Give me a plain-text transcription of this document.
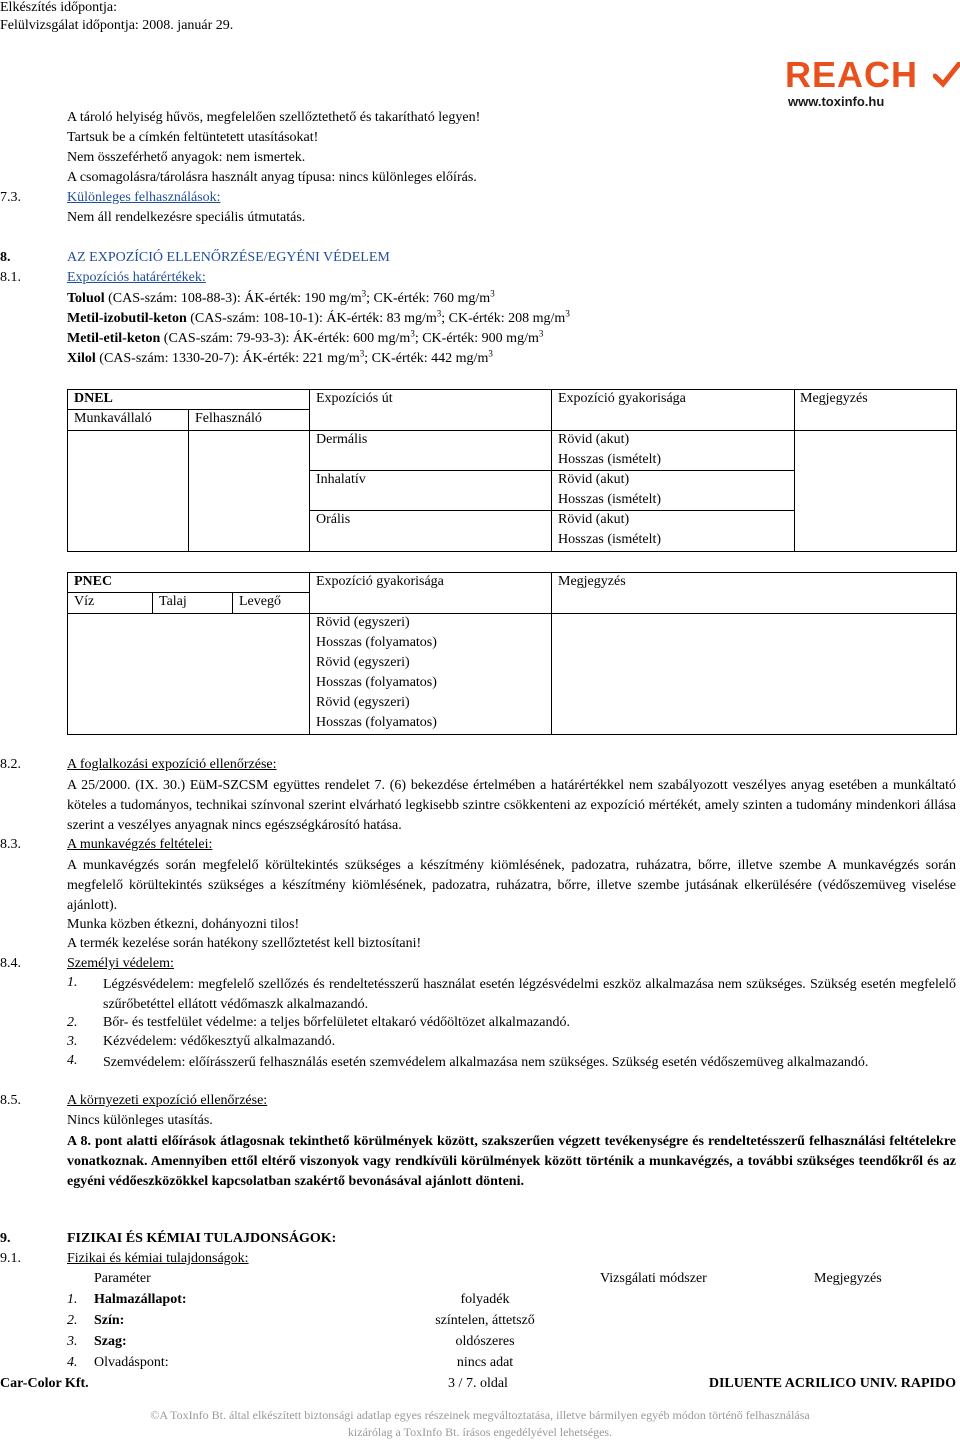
Elkészítés időpontja:
Felülvizsgálat időpontja: 2008. január 29.
REACH
www.toxinfo.hu
A tároló helyiség hűvös, megfelelően szellőztethető és takarítható legyen!
Tartsuk be a címkén feltüntetett utasításokat!
Nem összeférhető anyagok: nem ismertek.
A csomagolásra/tárolásra használt anyag típusa: nincs különleges előírás.
7.3.	Különleges felhasználások:
Nem áll rendelkezésre speciális útmutatás.
8.	AZ EXPOZÍCIÓ ELLENŐRZÉSE/EGYÉNI VÉDELEM
8.1.	Expozíciós határértékek:
Toluol (CAS-szám: 108-88-3): ÁK-érték: 190 $mg/m^3$; CK-érték: 760 $mg/m^3$
Metil-izobutil-keton (CAS-szám: 108-10-1): ÁK-érték: 83 $mg/m^3$; CK-érték: 208 $mg/m^3$
Metil-etil-keton (CAS-szám: 79-93-3): ÁK-érték: 600 $mg/m^3$; CK-érték: 900 $mg/m^3$
Xilol (CAS-szám: 1330-20-7): ÁK-érték: 221 $mg/m^3$; CK-érték: 442 $mg/m^3$
DNEL	Expozíciós út	Expozíció gyakorisága	Megjegyzés
Munkavállaló	Felhasználó
Dermális	Rövid (akut)
Hosszas (ismételt)
Inhalatív	Rövid (akut)
Hosszas (ismételt)
Orális	Rövid (akut)
Hosszas (ismételt)
PNEC	Expozíció gyakorisága	Megjegyzés
Víz	Talaj	Levegő
Rövid (egyszeri)
Hosszas (folyamatos)
Rövid (egyszeri)
Hosszas (folyamatos)
Rövid (egyszeri)
Hosszas (folyamatos)
8.2.	A foglalkozási expozíció ellenőrzése:
A 25/2000. (IX. 30.) EüM-SZCSM együttes rendelet 7. (6) bekezdése értelmében a határértékkel nem szabályozott veszélyes anyag esetében a munkáltató köteles a tudományos, technikai színvonal szerint elvárható legkisebb szintre csökkenteni az expozíció mértékét, amely szinten a tudomány mindenkori állása szerint a veszélyes anyagnak nincs egészségkárosító hatása.
8.3.	A munkavégzés feltételei:
A munkavégzés során megfelelő körültekintés szükséges a készítmény kiömlésének, padozatra, ruházatra, bőrre, illetve szembe A munkavégzés során megfelelő körültekintés szükséges a készítmény kiömlésének, padozatra, ruházatra, bőrre, illetve szembe jutásának elkerülésére (védőszemüveg viselése ajánlott).
Munka közben étkezni, dohányozni tilos!
A termék kezelése során hatékony szellőztetést kell biztosítani!
8.4.	Személyi védelem:
1. Légzésvédelem: megfelelő szellőzés és rendeltetésszerű használat esetén légzésvédelmi eszköz alkalmazása nem szükséges. Szükség esetén megfelelő szűrőbetéttel ellátott védőmaszk alkalmazandó.
2. Bőr- és testfelület védelme: a teljes bőrfelületet eltakaró védőöltözet alkalmazandó.
3. Kézvédelem: védőkesztyű alkalmazandó.
4. Szemvédelem: előírásszerű felhasználás esetén szemvédelem alkalmazása nem szükséges. Szükség esetén védőszemüveg alkalmazandó.
8.5.	A környezeti expozíció ellenőrzése:
Nincs különleges utasítás.
A 8. pont alatti előírások átlagosnak tekinthető körülmények között, szakszerűen végzett tevékenységre és rendeltetésszerű felhasználási feltételekre vonatkoznak. Amennyiben ettől eltérő viszonyok vagy rendkívüli körülmények között történik a munkavégzés, a további szükséges teendőkről és az egyéni védőeszközökkel kapcsolatban szakértő bevonásával ajánlott dönteni.
9.	FIZIKAI ÉS KÉMIAI TULAJDONSÁGOK:
9.1.	Fizikai és kémiai tulajdonságok:
Paraméter	Vizsgálati módszer	Megjegyzés
1. Halmazállapot:	folyadék
2. Szín:	színtelen, áttetsző
3. Szag:	oldószeres
4. Olvadáspont:	nincs adat
Car-Color Kft.	3 / 7. oldal	DILUENTE ACRILICO UNIV. RAPIDO
©A ToxInfo Bt. által elkészített biztonsági adatlap egyes részeinek megváltoztatása, illetve bármilyen egyéb módon történő felhasználása
kizárólag a ToxInfo Bt. írásos engedélyével lehetséges.
